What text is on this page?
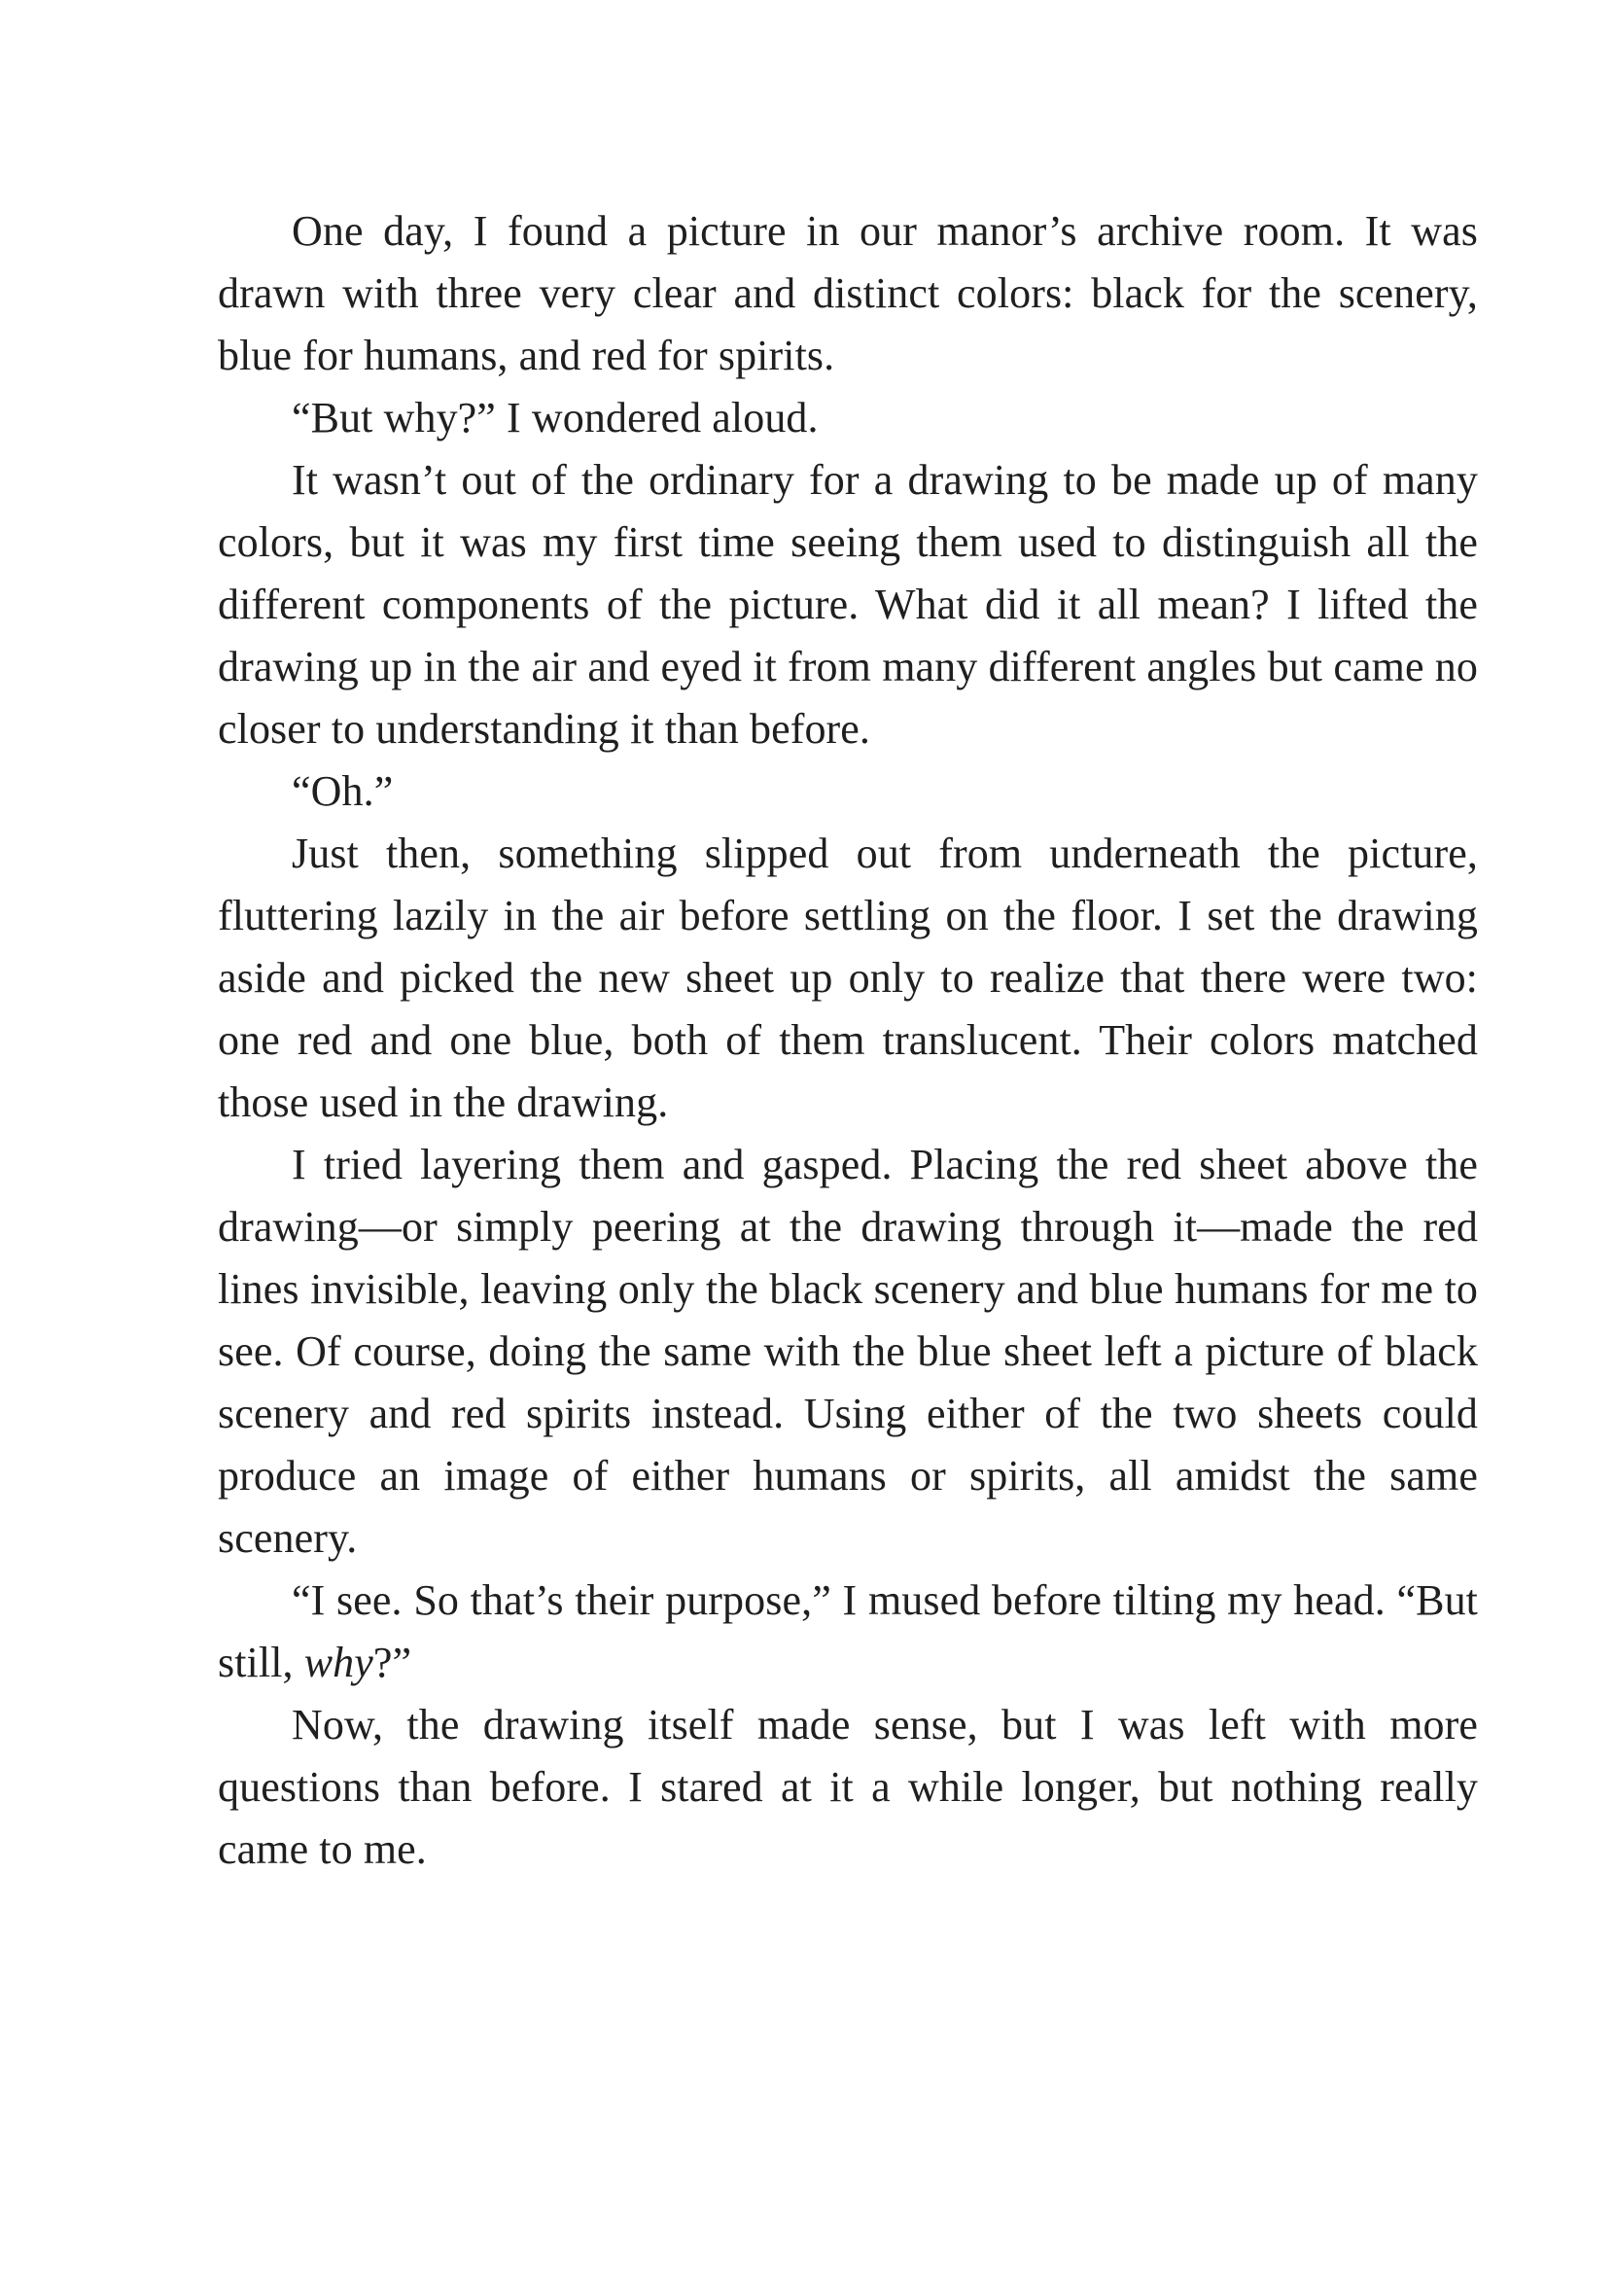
One day, I found a picture in our manor’s archive room. It was drawn with three very clear and distinct colors: black for the scenery, blue for humans, and red for spirits.

“But why?” I wondered aloud.

It wasn’t out of the ordinary for a drawing to be made up of many colors, but it was my first time seeing them used to distinguish all the different components of the picture. What did it all mean? I lifted the drawing up in the air and eyed it from many different angles but came no closer to understanding it than before.

“Oh.”

Just then, something slipped out from underneath the picture, fluttering lazily in the air before settling on the floor. I set the drawing aside and picked the new sheet up only to realize that there were two: one red and one blue, both of them translucent. Their colors matched those used in the drawing.

I tried layering them and gasped. Placing the red sheet above the drawing—or simply peering at the drawing through it—made the red lines invisible, leaving only the black scenery and blue humans for me to see. Of course, doing the same with the blue sheet left a picture of black scenery and red spirits instead. Using either of the two sheets could produce an image of either humans or spirits, all amidst the same scenery.

“I see. So that’s their purpose,” I mused before tilting my head. “But still, why?”

Now, the drawing itself made sense, but I was left with more questions than before. I stared at it a while longer, but nothing really came to me.
